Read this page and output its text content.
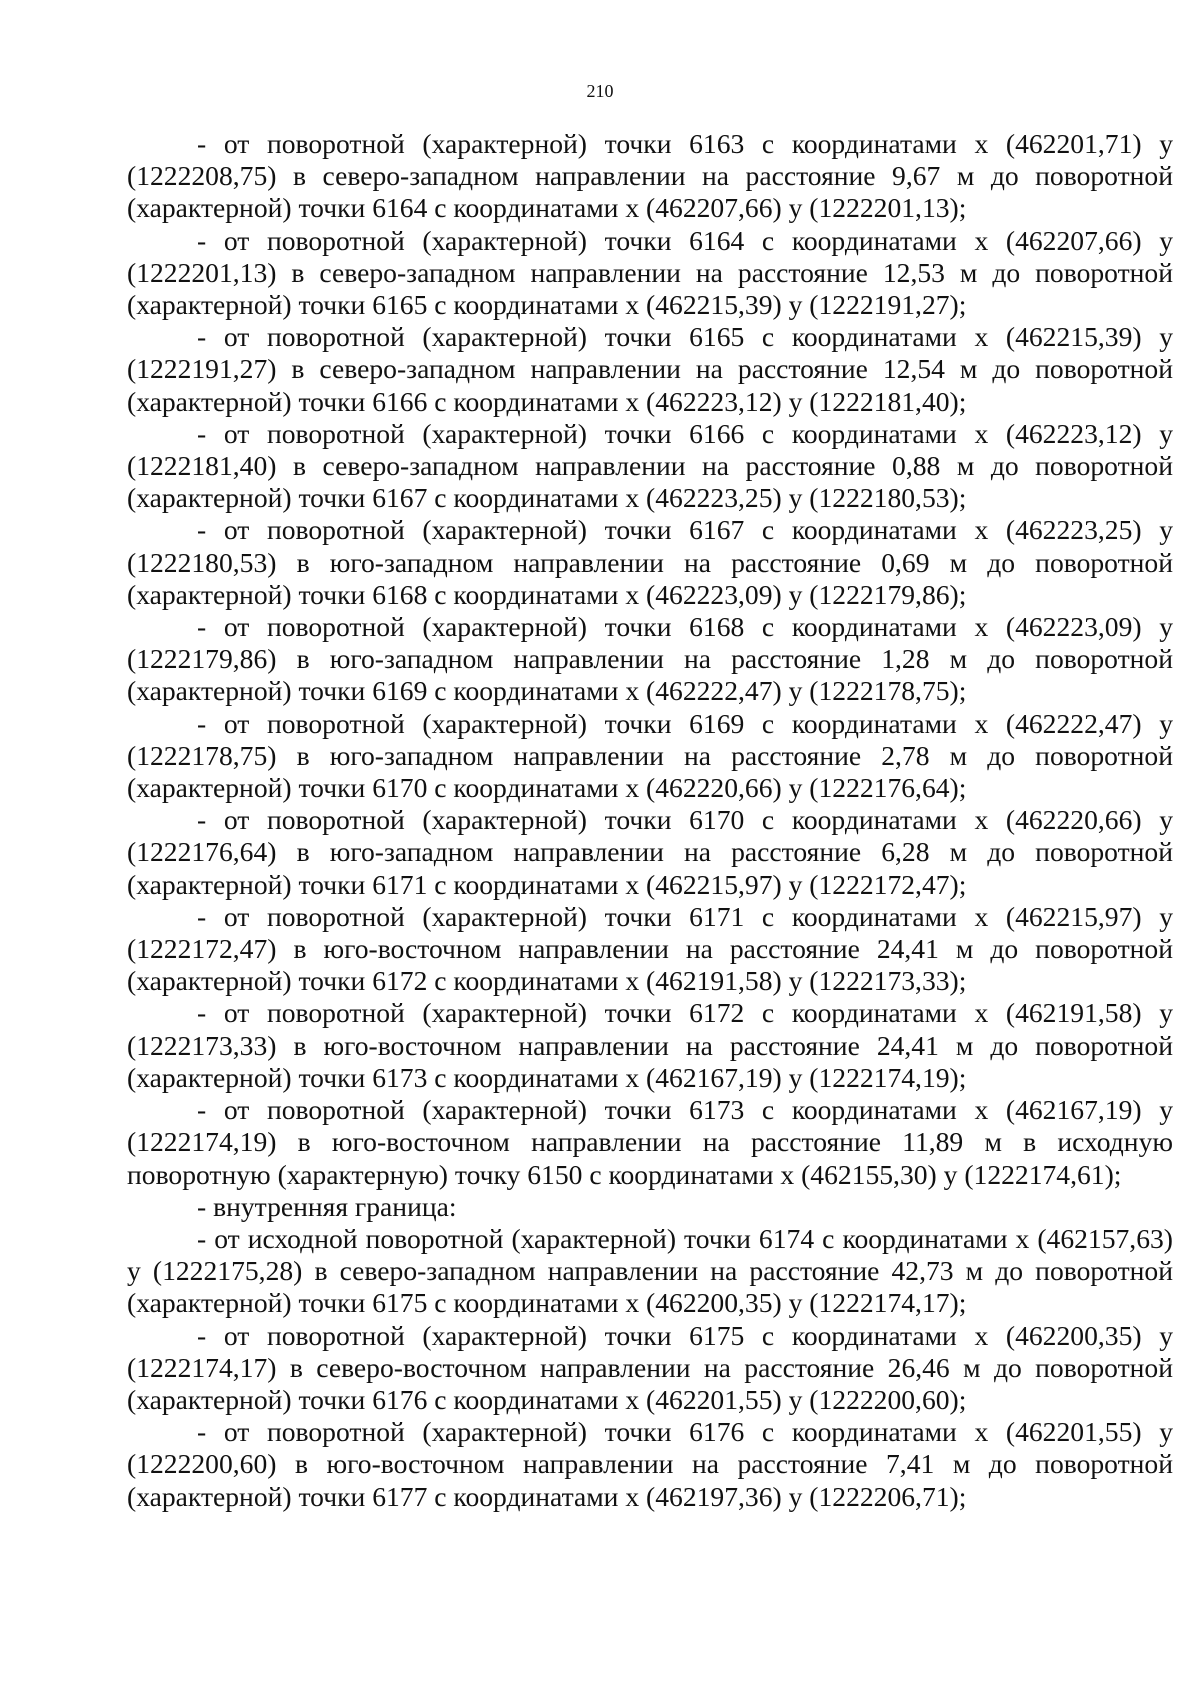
210

- от поворотной (характерной) точки 6163 с координатами х (462201,71) у (1222208,75) в северо-западном направлении на расстояние 9,67 м до поворотной (характерной) точки 6164 с координатами х (462207,66) у (1222201,13);

- от поворотной (характерной) точки 6164 с координатами х (462207,66) у (1222201,13) в северо-западном направлении на расстояние 12,53 м до поворотной (характерной) точки 6165 с координатами х (462215,39) у (1222191,27);

- от поворотной (характерной) точки 6165 с координатами х (462215,39) у (1222191,27) в северо-западном направлении на расстояние 12,54 м до поворотной (характерной) точки 6166 с координатами х (462223,12) у (1222181,40);

- от поворотной (характерной) точки 6166 с координатами х (462223,12) у (1222181,40) в северо-западном направлении на расстояние 0,88 м до поворотной (характерной) точки 6167 с координатами х (462223,25) у (1222180,53);

- от поворотной (характерной) точки 6167 с координатами х (462223,25) у (1222180,53) в юго-западном направлении на расстояние 0,69 м до поворотной (характерной) точки 6168 с координатами х (462223,09) у (1222179,86);

- от поворотной (характерной) точки 6168 с координатами х (462223,09) у (1222179,86) в юго-западном направлении на расстояние 1,28 м до поворотной (характерной) точки 6169 с координатами х (462222,47) у (1222178,75);

- от поворотной (характерной) точки 6169 с координатами х (462222,47) у (1222178,75) в юго-западном направлении на расстояние 2,78 м до поворотной (характерной) точки 6170 с координатами х (462220,66) у (1222176,64);

- от поворотной (характерной) точки 6170 с координатами х (462220,66) у (1222176,64) в юго-западном направлении на расстояние 6,28 м до поворотной (характерной) точки 6171 с координатами х (462215,97) у (1222172,47);

- от поворотной (характерной) точки 6171 с координатами х (462215,97) у (1222172,47) в юго-восточном направлении на расстояние 24,41 м до поворотной (характерной) точки 6172 с координатами х (462191,58) у (1222173,33);

- от поворотной (характерной) точки 6172 с координатами х (462191,58) у (1222173,33) в юго-восточном направлении на расстояние 24,41 м до поворотной (характерной) точки 6173 с координатами х (462167,19) у (1222174,19);

- от поворотной (характерной) точки 6173 с координатами х (462167,19) у (1222174,19) в юго-восточном направлении на расстояние 11,89 м в исходную поворотную (характерную) точку 6150 с координатами х (462155,30) у (1222174,61);

- внутренняя граница:

- от исходной поворотной (характерной) точки 6174 с координатами х (462157,63) у (1222175,28) в северо-западном направлении на расстояние 42,73 м до поворотной (характерной) точки 6175 с координатами х (462200,35) у (1222174,17);

- от поворотной (характерной) точки 6175 с координатами х (462200,35) у (1222174,17) в северо-восточном направлении на расстояние 26,46 м до поворотной (характерной) точки 6176 с координатами х (462201,55) у (1222200,60);

- от поворотной (характерной) точки 6176 с координатами х (462201,55) у (1222200,60) в юго-восточном направлении на расстояние 7,41 м до поворотной (характерной) точки 6177 с координатами х (462197,36) у (1222206,71);
